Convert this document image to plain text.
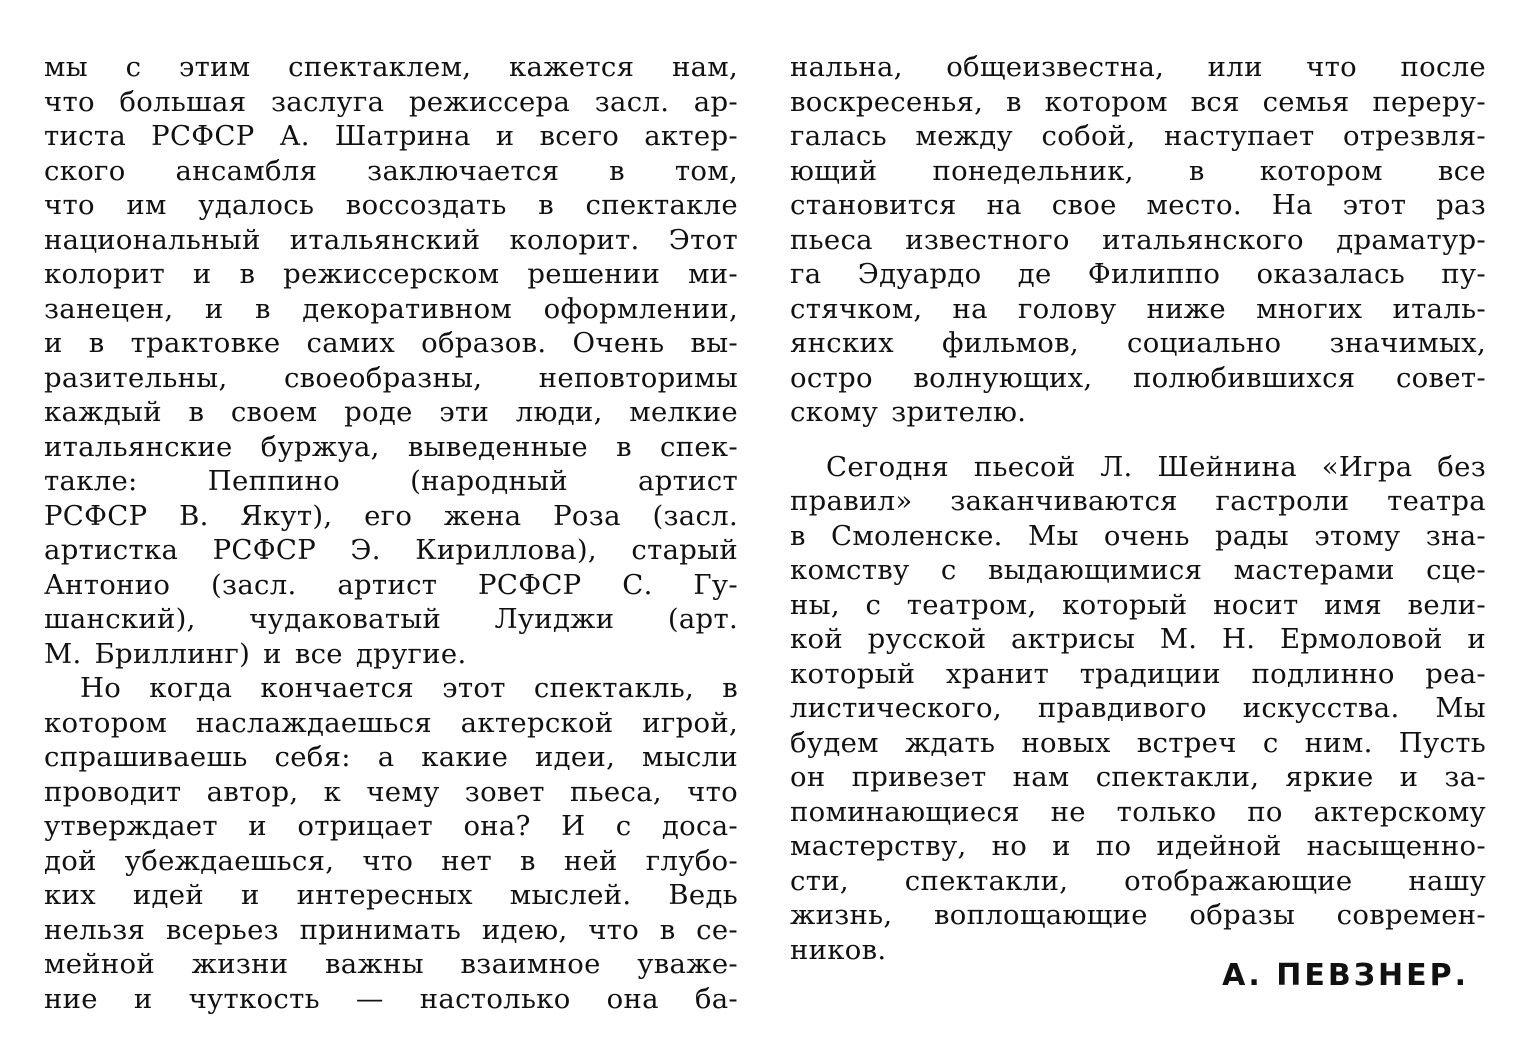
мы с этим спектаклем, кажется нам,
что большая заслуга режиссера засл. ар-
тиста РСФСР А. Шатрина и всего актер-
ского ансамбля заключается в том,
что им удалось воссоздать в спектакле
национальный итальянский колорит. Этот
колорит и в режиссерском решении ми-
занецен, и в декоративном оформлении,
и в трактовке самих образов. Очень вы-
разительны, своеобразны, неповторимы
каждый в своем роде эти люди, мелкие
итальянские буржуа, выведенные в спек-
такле: Пеппино (народный артист
РСФСР В. Якут), его жена Роза (засл.
артистка РСФСР Э. Кириллова), старый
Антонио (засл. артист РСФСР С. Гу-
шанский), чудаковатый Луиджи (арт.
М. Бриллинг) и все другие.
Но когда кончается этот спектакль, в
котором наслаждаешься актерской игрой,
спрашиваешь себя: а какие идеи, мысли
проводит автор, к чему зовет пьеса, что
утверждает и отрицает она? И с доса-
дой убеждаешься, что нет в ней глубо-
ких идей и интересных мыслей. Ведь
нельзя всерьез принимать идею, что в се-
мейной жизни важны взаимное уваже-
ние и чуткость — настолько она ба-
нальна, общеизвестна, или что после
воскресенья, в котором вся семья переру-
галась между собой, наступает отрезвля-
ющий понедельник, в котором все
становится на свое место. На этот раз
пьеса известного итальянского драматур-
га Эдуардо де Филиппо оказалась пу-
стячком, на голову ниже многих италь-
янских фильмов, социально значимых,
остро волнующих, полюбившихся совет-
скому зрителю.
Сегодня пьесой Л. Шейнина «Игра без
правил» заканчиваются гастроли театра
в Смоленске. Мы очень рады этому зна-
комству с выдающимися мастерами сце-
ны, с театром, который носит имя вели-
кой русской актрисы М. Н. Ермоловой и
который хранит традиции подлинно реа-
листического, правдивого искусства. Мы
будем ждать новых встреч с ним. Пусть
он привезет нам спектакли, яркие и за-
поминающиеся не только по актерскому
мастерству, но и по идейной насыщенно-
сти, спектакли, отображающие нашу
жизнь, воплощающие образы современ-
ников.
А. ПЕВЗНЕР.
